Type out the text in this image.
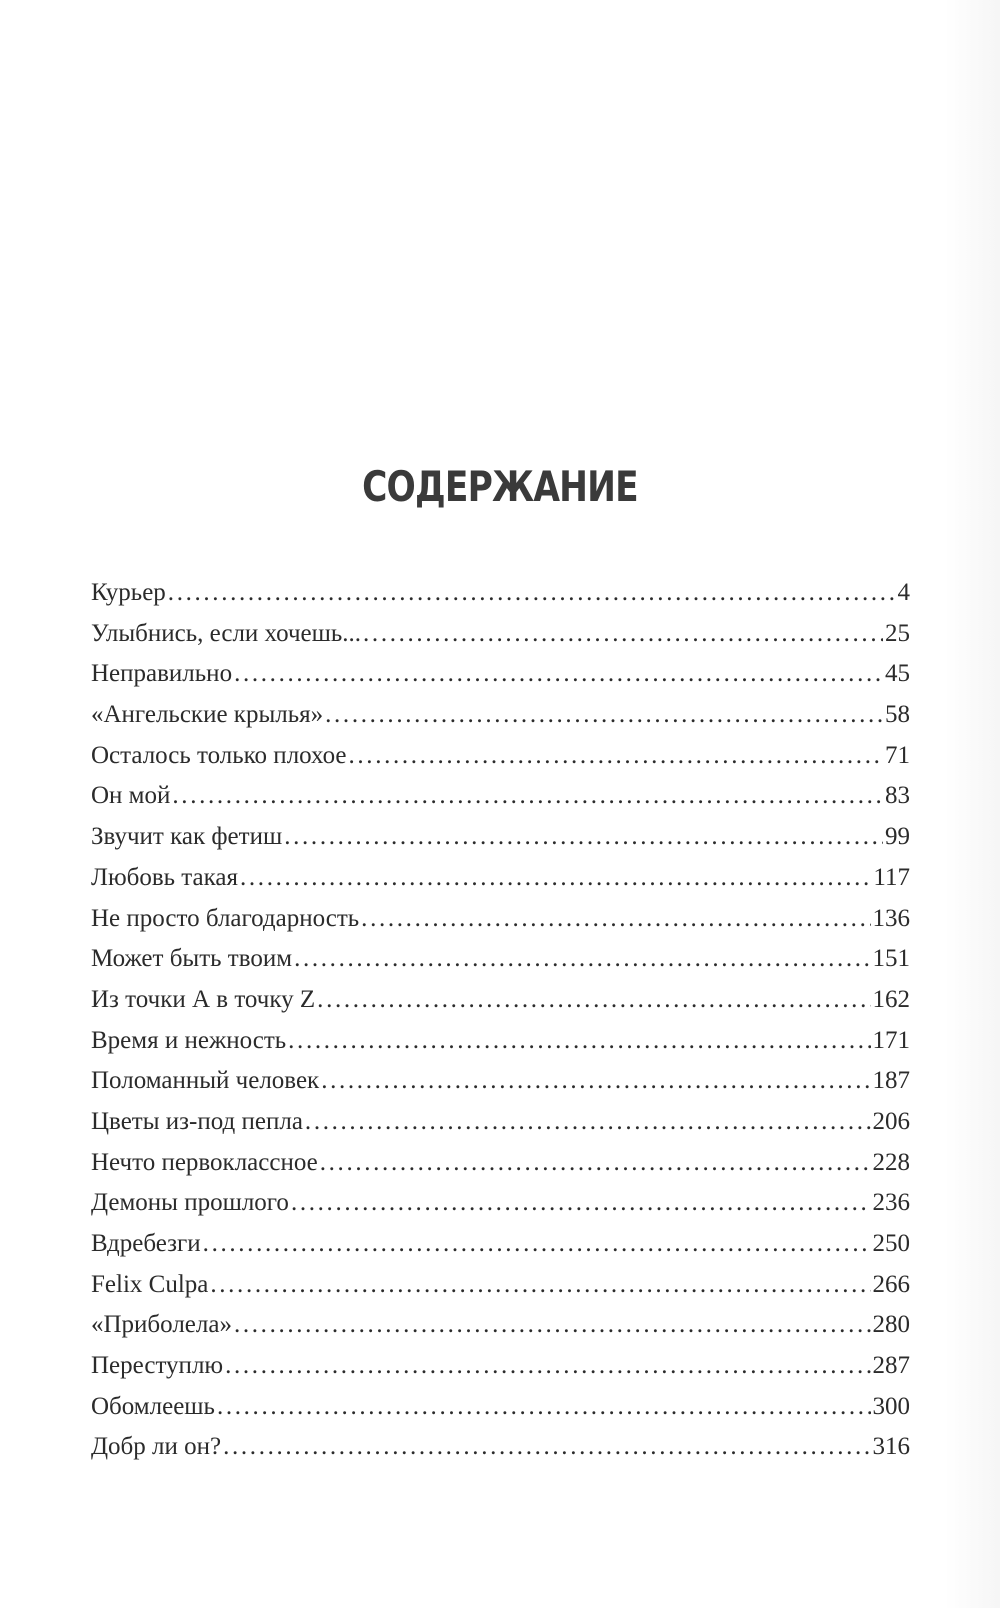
СОДЕРЖАНИЕ
Курьер . . .	4
Улыбнись, если хочешь... . . .	25
Неправильно . . .	45
«Ангельские крылья» . . .	58
Осталось только плохое . . .	71
Он мой . . .	83
Звучит как фетиш . . .	99
Любовь такая . . .	117
Не просто благодарность . . .	136
Может быть твоим . . .	151
Из точки А в точку Z . . .	162
Время и нежность . . .	171
Поломанный человек . . .	187
Цветы из-под пепла . . .	206
Нечто первоклассное . . .	228
Демоны прошлого . . .	236
Вдребезги . . .	250
Felix Culpa . . .	266
«Приболела» . . .	280
Переступлю . . .	287
Обомлеешь . . .	300
Добр ли он? . . .	316
